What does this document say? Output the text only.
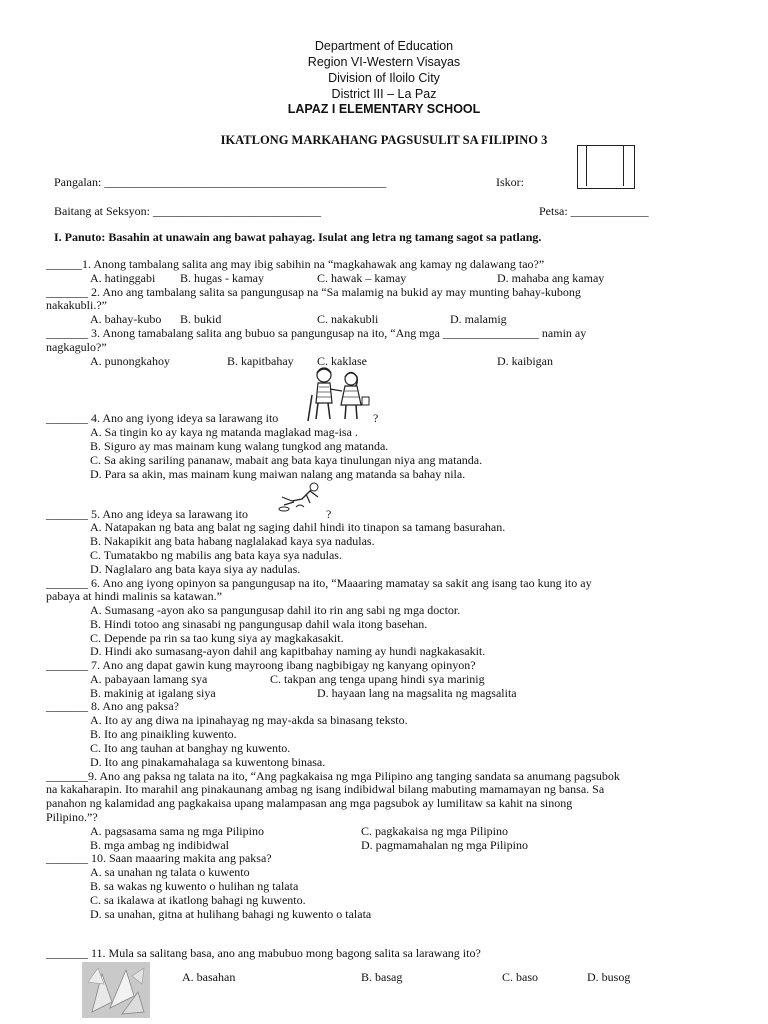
Department of Education
Region VI-Western Visayas
Division of Iloilo City
District III – La Paz
LAPAZ I ELEMENTARY SCHOOL
IKATLONG MARKAHANG PAGSUSULIT SA FILIPINO 3
Pangalan: _______________________________________________	Iskor:
Baitang at Seksyon: ____________________________	Petsa: _____________
I. Panuto: Basahin at unawain ang bawat pahayag. Isulat ang letra ng tamang sagot sa patlang.
______1. Anong tambalang salita ang may ibig sabihin na “magkahawak ang kamay ng dalawang tao?”
A. hatinggabi B. hugas - kamay	C. hawak – kamay	D. mahaba ang kamay
_______ 2. Ano ang tambalang salita sa pangungusap na “Sa malamig na bukid ay may munting bahay-kubong
nakakubli.?”
A. bahay-kubo B. bukid	C. nakakubli	D. malamig
_______ 3. Anong tamabalang salita ang bubuo sa pangungusap na ito, “Ang mga ________________ namin ay
nagkagulo?”
A. punongkahoy	B. kapitbahay C. kaklase	D. kaibigan
_______ 4. Ano ang iyong ideya sa larawang ito	?
A. Sa tingin ko ay kaya ng matanda maglakad mag-isa .
B. Siguro ay mas mainam kung walang tungkod ang matanda.
C. Sa aking sariling pananaw, mabait ang bata kaya tinulungan niya ang matanda.
D. Para sa akin, mas mainam kung maiwan nalang ang matanda sa bahay nila.
_______ 5. Ano ang ideya sa larawang ito	?
A. Natapakan ng bata ang balat ng saging dahil hindi ito tinapon sa tamang basurahan.
B. Nakapikit ang bata habang naglalakad kaya sya nadulas.
C. Tumatakbo ng mabilis ang bata kaya sya nadulas.
D. Naglalaro ang bata kaya siya ay nadulas.
_______ 6. Ano ang iyong opinyon sa pangungusap na ito, “Maaaring mamatay sa sakit ang isang tao kung ito ay
pabaya at hindi malinis sa katawan.”
A. Sumasang -ayon ako sa pangungusap dahil ito rin ang sabi ng mga doctor.
B. Hindi totoo ang sinasabi ng pangungusap dahil wala itong basehan.
C. Depende pa rin sa tao kung siya ay magkakasakit.
D. Hindi ako sumasang-ayon dahil ang kapitbahay naming ay hundi nagkakasakit.
_______ 7. Ano ang dapat gawin kung mayroong ibang nagbibigay ng kanyang opinyon?
A. pabayaan lamang sya	C. takpan ang tenga upang hindi sya marinig
B. makinig at igalang siya	D. hayaan lang na magsalita ng magsalita
_______ 8. Ano ang paksa?
A. Ito ay ang diwa na ipinahayag ng may-akda sa binasang teksto.
B. Ito ang pinaikling kuwento.
C. Ito ang tauhan at banghay ng kuwento.
D. Ito ang pinakamahalaga sa kuwentong binasa.
_______9. Ano ang paksa ng talata na ito, “Ang pagkakaisa ng mga Pilipino ang tanging sandata sa anumang pagsubok
na kakaharapin. Ito marahil ang pinakaunang ambag ng isang indibidwal bilang mabuting mamamayan ng bansa. Sa
panahon ng kalamidad ang pagkakaisa upang malampasan ang mga pagsubok ay lumilitaw sa kahit na sinong
Pilipino.”?
A. pagsasama sama ng mga Pilipino	C. pagkakaisa ng mga Pilipino
B. mga ambag ng indibidwal	D. pagmamahalan ng mga Pilipino
_______ 10. Saan maaaring makita ang paksa?
A. sa unahan ng talata o kuwento
B. sa wakas ng kuwento o hulihan ng talata
C. sa ikalawa at ikatlong bahagi ng kuwento.
D. sa unahan, gitna at hulihang bahagi ng kuwento o talata
_______ 11. Mula sa salitang basa, ano ang mabubuo mong bagong salita sa larawang ito?
A. basahan	B. basag	C. baso	D. busog
